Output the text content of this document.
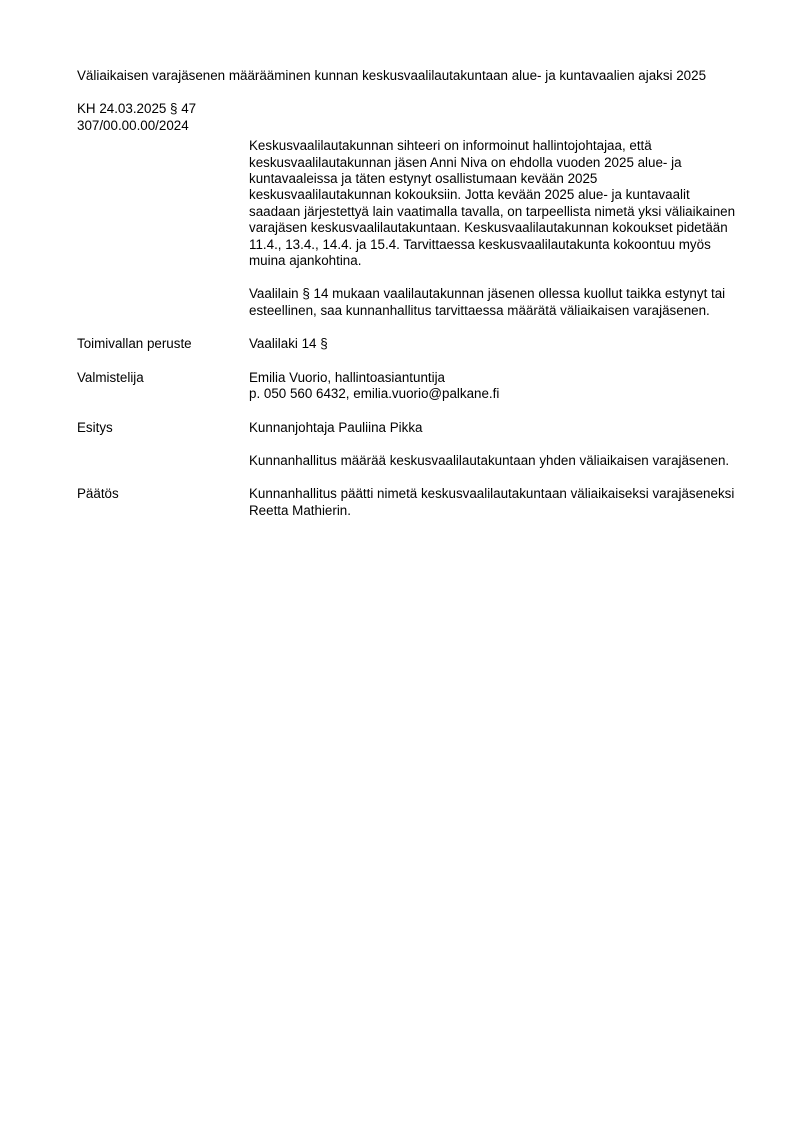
Väliaikaisen varajäsenen määrääminen kunnan keskusvaalilautakuntaan alue- ja kuntavaalien ajaksi 2025
KH 24.03.2025 § 47
307/00.00.00/2024

Keskusvaalilautakunnan sihteeri on informoinut hallintojohtajaa, että keskusvaalilautakunnan jäsen Anni Niva on ehdolla vuoden 2025 alue- ja kuntavaaleissa ja täten estynyt osallistumaan kevään 2025 keskusvaalilautakunnan kokouksiin. Jotta kevään 2025 alue- ja kuntavaalit saadaan järjestettyä lain vaatimalla tavalla, on tarpeellista nimetä yksi väliaikainen varajäsen keskusvaalilautakuntaan. Keskusvaalilautakunnan kokoukset pidetään 11.4., 13.4., 14.4. ja 15.4. Tarvittaessa keskusvaalilautakunta kokoontuu myös muina ajankohtina.

Vaalilain § 14 mukaan vaalilautakunnan jäsenen ollessa kuollut taikka estynyt tai esteellinen, saa kunnanhallitus tarvittaessa määrätä väliaikaisen varajäsenen.

Toimivallan peruste	Vaalilaki 14 §

Valmistelija	Emilia Vuorio, hallintoasiantuntija
p. 050 560 6432, emilia.vuorio@palkane.fi
Esitys	Kunnanjohtaja Pauliina Pikka

Kunnanhallitus määrää keskusvaalilautakuntaan yhden väliaikaisen varajäsenen.

Päätös	Kunnanhallitus päätti nimetä keskusvaalilautakuntaan väliaikaiseksi varajäseneksi Reetta Mathierin.
